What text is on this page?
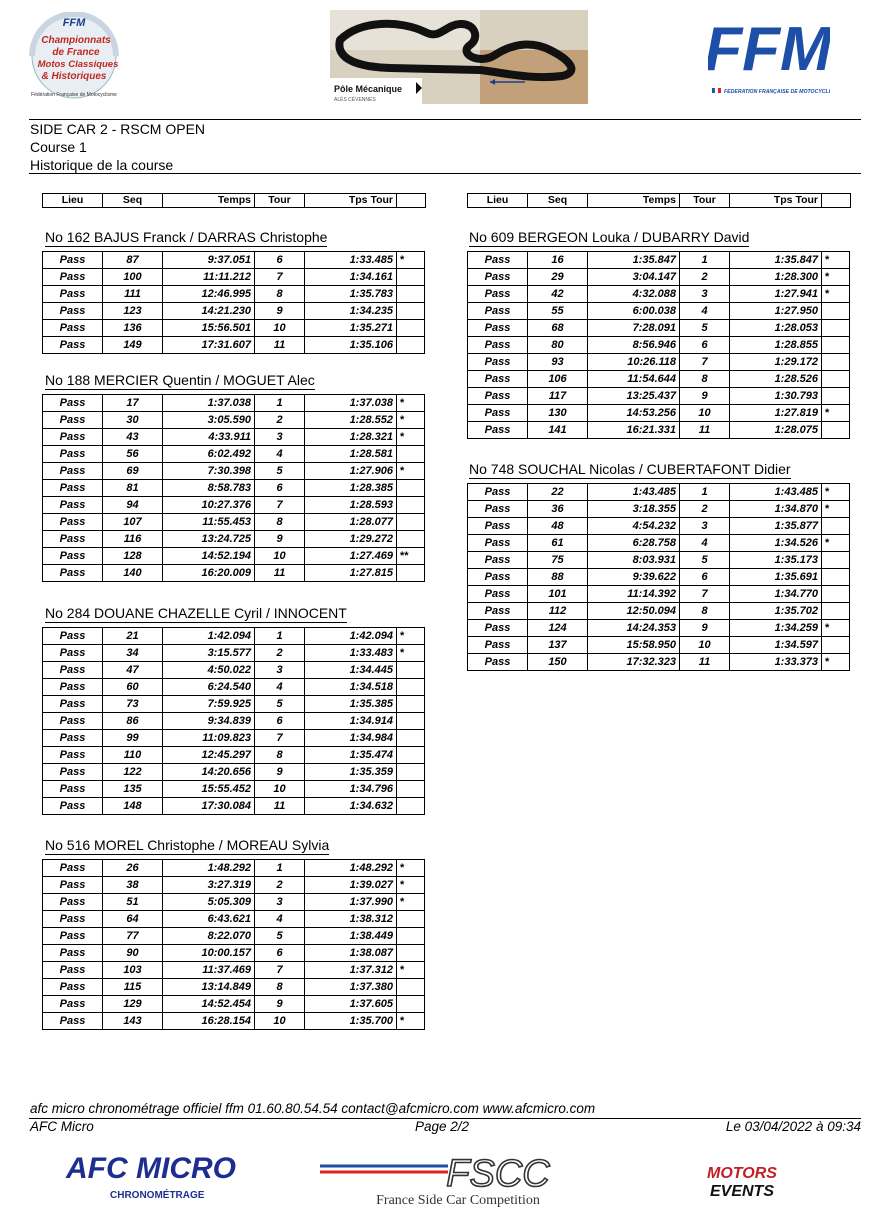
FFM
Championnats
de France
Motos Classiques
& Historiques
Fédération Française de Motocyclisme
Pôle Mécanique
ALÈS CÉVENNES
FFM
FEDERATION FRANÇAISE DE MOTOCYCLISME
SIDE CAR 2 - RSCM OPEN
Course 1
Historique de la course
Lieu	Seq	Temps	Tour	Tps Tour	Lieu	Seq	Temps	Tour	Tps Tour
No 162 BAJUS Franck / DARRAS Christophe
Pass	87	9:37.051	6	1:33.485	*
Pass	100	11:11.212	7	1:34.161	
Pass	111	12:46.995	8	1:35.783	
Pass	123	14:21.230	9	1:34.235	
Pass	136	15:56.501	10	1:35.271	
Pass	149	17:31.607	11	1:35.106	
No 188 MERCIER Quentin / MOGUET Alec
Pass	17	1:37.038	1	1:37.038	*
Pass	30	3:05.590	2	1:28.552	*
Pass	43	4:33.911	3	1:28.321	*
Pass	56	6:02.492	4	1:28.581	
Pass	69	7:30.398	5	1:27.906	*
Pass	81	8:58.783	6	1:28.385	
Pass	94	10:27.376	7	1:28.593	
Pass	107	11:55.453	8	1:28.077	
Pass	116	13:24.725	9	1:29.272	
Pass	128	14:52.194	10	1:27.469	**
Pass	140	16:20.009	11	1:27.815	
No 284 DOUANE CHAZELLE Cyril / INNOCENT
Pass	21	1:42.094	1	1:42.094	*
Pass	34	3:15.577	2	1:33.483	*
Pass	47	4:50.022	3	1:34.445	
Pass	60	6:24.540	4	1:34.518	
Pass	73	7:59.925	5	1:35.385	
Pass	86	9:34.839	6	1:34.914	
Pass	99	11:09.823	7	1:34.984	
Pass	110	12:45.297	8	1:35.474	
Pass	122	14:20.656	9	1:35.359	
Pass	135	15:55.452	10	1:34.796	
Pass	148	17:30.084	11	1:34.632	
No 516 MOREL Christophe / MOREAU Sylvia
Pass	26	1:48.292	1	1:48.292	*
Pass	38	3:27.319	2	1:39.027	*
Pass	51	5:05.309	3	1:37.990	*
Pass	64	6:43.621	4	1:38.312	
Pass	77	8:22.070	5	1:38.449	
Pass	90	10:00.157	6	1:38.087	
Pass	103	11:37.469	7	1:37.312	*
Pass	115	13:14.849	8	1:37.380	
Pass	129	14:52.454	9	1:37.605	
Pass	143	16:28.154	10	1:35.700	*
No 609 BERGEON Louka / DUBARRY David
Pass	16	1:35.847	1	1:35.847	*
Pass	29	3:04.147	2	1:28.300	*
Pass	42	4:32.088	3	1:27.941	*
Pass	55	6:00.038	4	1:27.950	
Pass	68	7:28.091	5	1:28.053	
Pass	80	8:56.946	6	1:28.855	
Pass	93	10:26.118	7	1:29.172	
Pass	106	11:54.644	8	1:28.526	
Pass	117	13:25.437	9	1:30.793	
Pass	130	14:53.256	10	1:27.819	*
Pass	141	16:21.331	11	1:28.075	
No 748 SOUCHAL Nicolas / CUBERTAFONT Didier
Pass	22	1:43.485	1	1:43.485	*
Pass	36	3:18.355	2	1:34.870	*
Pass	48	4:54.232	3	1:35.877	
Pass	61	6:28.758	4	1:34.526	*
Pass	75	8:03.931	5	1:35.173	
Pass	88	9:39.622	6	1:35.691	
Pass	101	11:14.392	7	1:34.770	
Pass	112	12:50.094	8	1:35.702	
Pass	124	14:24.353	9	1:34.259	*
Pass	137	15:58.950	10	1:34.597	
Pass	150	17:32.323	11	1:33.373	*
afc micro chronométrage officiel ffm 01.60.80.54.54 contact@afcmicro.com www.afcmicro.com
AFC Micro	Page 2/2	Le 03/04/2022 à 09:34
AFC MICRO
CHRONOMÉTRAGE
FSCC
France Side Car Competition
MOTORS
EVENTS
